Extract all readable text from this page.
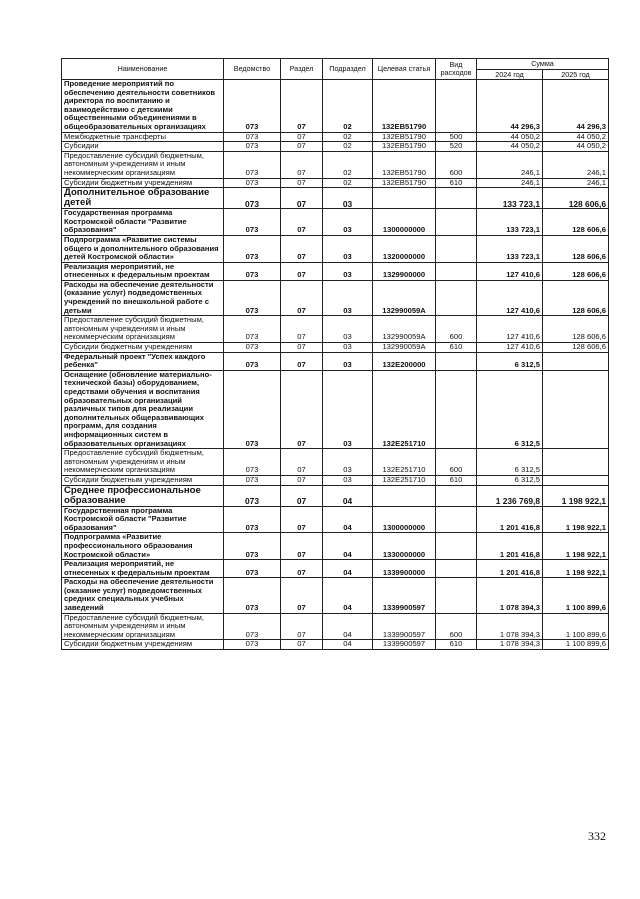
Наименование	Ведомство	Раздел	Подраздел	Целевая статья	Вид расходов	Сумма	
						2024 год	2025 год
Проведение мероприятий по обеспечению деятельности советников директора по воспитанию и взаимодействию с детскими общественными объединениями в общеобразовательных организациях	073	07	02	132EB51790		44 296,3	44 296,3
Межбюджетные трансферты	073	07	02	132EB51790	500	44 050,2	44 050,2
Субсидии	073	07	02	132EB51790	520	44 050,2	44 050,2
Предоставление субсидий бюджетным, автономным учреждениям и иным некоммерческим организациям	073	07	02	132EB51790	600	246,1	246,1
Субсидии бюджетным учреждениям	073	07	02	132EB51790	610	246,1	246,1
Дополнительное образование детей	073	07	03			133 723,1	128 606,6
Государственная программа Костромской области "Развитие образования"	073	07	03	1300000000		133 723,1	128 606,6
Подпрограмма «Развитие системы общего и дополнительного образования детей Костромской области»	073	07	03	1320000000		133 723,1	128 606,6
Реализация мероприятий, не отнесенных к федеральным проектам	073	07	03	1329900000		127 410,6	128 606,6
Расходы на обеспечение деятельности (оказание услуг) подведомственных учреждений по внешкольной работе с детьми	073	07	03	132990059A		127 410,6	128 606,6
Предоставление субсидий бюджетным, автономным учреждениям и иным некоммерческим организациям	073	07	03	132990059A	600	127 410,6	128 606,6
Субсидии бюджетным учреждениям	073	07	03	132990059A	610	127 410,6	128 606,6
Федеральный проект "Успех каждого ребенка"	073	07	03	132E200000		6 312,5	
Оснащение (обновление материально-технической базы) оборудованием, средствами обучения и воспитания образовательных организаций различных типов для реализации дополнительных общеразвивающих программ, для создания информационных систем в образовательных организациях	073	07	03	132E251710		6 312,5	
Предоставление субсидий бюджетным, автономным учреждениям и иным некоммерческим организациям	073	07	03	132E251710	600	6 312,5	
Субсидии бюджетным учреждениям	073	07	03	132E251710	610	6 312,5	
Среднее профессиональное образование	073	07	04			1 236 769,8	1 198 922,1
Государственная программа Костромской области "Развитие образования"	073	07	04	1300000000		1 201 416,8	1 198 922,1
Подпрограмма «Развитие профессионального образования Костромской области»	073	07	04	1330000000		1 201 416,8	1 198 922,1
Реализация мероприятий, не отнесенных к федеральным проектам	073	07	04	1339900000		1 201 416,8	1 198 922,1
Расходы на обеспечение деятельности (оказание услуг) подведомственных средних специальных учебных заведений	073	07	04	1339900597		1 078 394,3	1 100 899,6
Предоставление субсидий бюджетным, автономным учреждениям и иным некоммерческим организациям	073	07	04	1339900597	600	1 078 394,3	1 100 899,6
Субсидии бюджетным учреждениям	073	07	04	1339900597	610	1 078 394,3	1 100 899,6
332
